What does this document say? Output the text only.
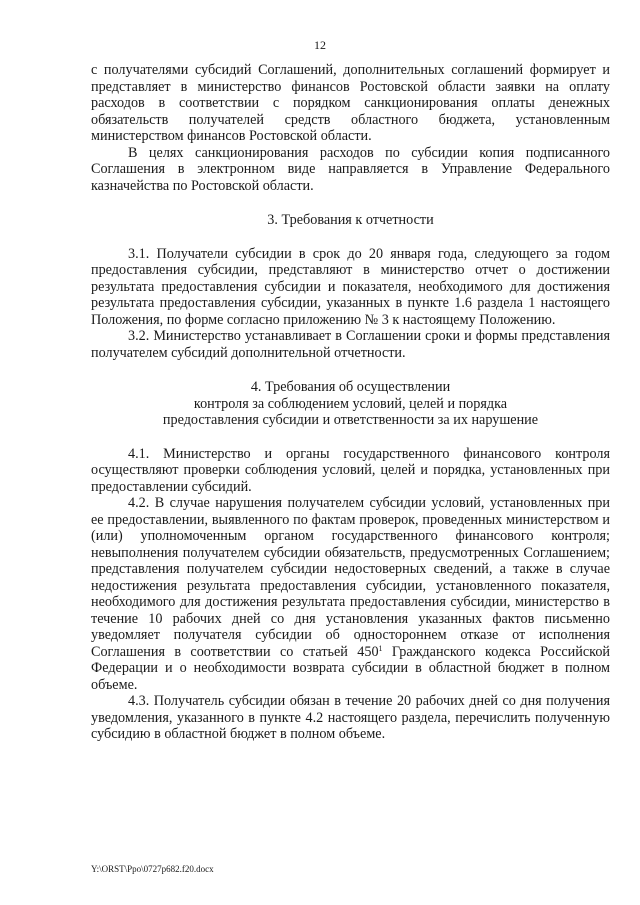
12

с получателями субсидий Соглашений, дополнительных соглашений формирует и представляет в министерство финансов Ростовской области заявки на оплату расходов в соответствии с порядком санкционирования оплаты денежных обязательств получателей средств областного бюджета, установленным министерством финансов Ростовской области.

В целях санкционирования расходов по субсидии копия подписанного Соглашения в электронном виде направляется в Управление Федерального казначейства по Ростовской области.

3. Требования к отчетности

3.1. Получатели субсидии в срок до 20 января года, следующего за годом предоставления субсидии, представляют в министерство отчет о достижении результата предоставления субсидии и показателя, необходимого для достижения результата предоставления субсидии, указанных в пункте 1.6 раздела 1 настоящего Положения, по форме согласно приложению № 3 к настоящему Положению.

3.2. Министерство устанавливает в Соглашении сроки и формы представления получателем субсидий дополнительной отчетности.

4. Требования об осуществлении
контроля за соблюдением условий, целей и порядка
предоставления субсидии и ответственности за их нарушение

4.1. Министерство и органы государственного финансового контроля осуществляют проверки соблюдения условий, целей и порядка, установленных при предоставлении субсидий.

4.2. В случае нарушения получателем субсидии условий, установленных при ее предоставлении, выявленного по фактам проверок, проведенных министерством и (или) уполномоченным органом государственного финансового контроля; невыполнения получателем субсидии обязательств, предусмотренных Соглашением; представления получателем субсидии недостоверных сведений, а также в случае недостижения результата предоставления субсидии, установленного показателя, необходимого для достижения результата предоставления субсидии, министерство в течение 10 рабочих дней со дня установления указанных фактов письменно уведомляет получателя субсидии об одностороннем отказе от исполнения Соглашения в соответствии со статьей $450^1$ Гражданского кодекса Российской Федерации и о необходимости возврата субсидии в областной бюджет в полном объеме.

4.3. Получатель субсидии обязан в течение 20 рабочих дней со дня получения уведомления, указанного в пункте 4.2 настоящего раздела, перечислить полученную субсидию в областной бюджет в полном объеме.

Y:\ORST\Ppo\0727p682.f20.docx
